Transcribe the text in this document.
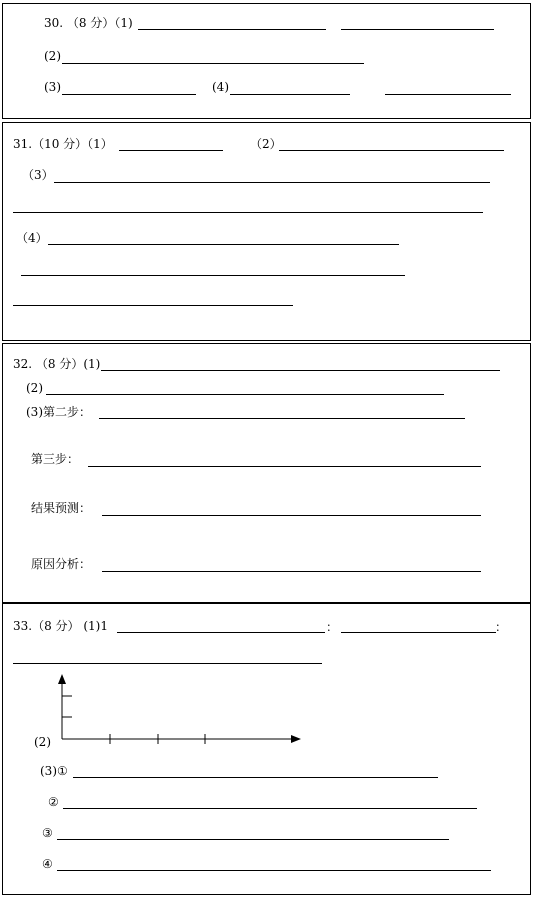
30. （8 分）（1)
(2)
(3)	(4)
31.（10 分）（1）	（2）
（3）
（4）
32. （8 分）(1)
(2)
(3)第二步：
第三步：
结果预测：
原因分析：
33.（8 分） (1)1	：	：
(2)
(3)①
②
③
④
